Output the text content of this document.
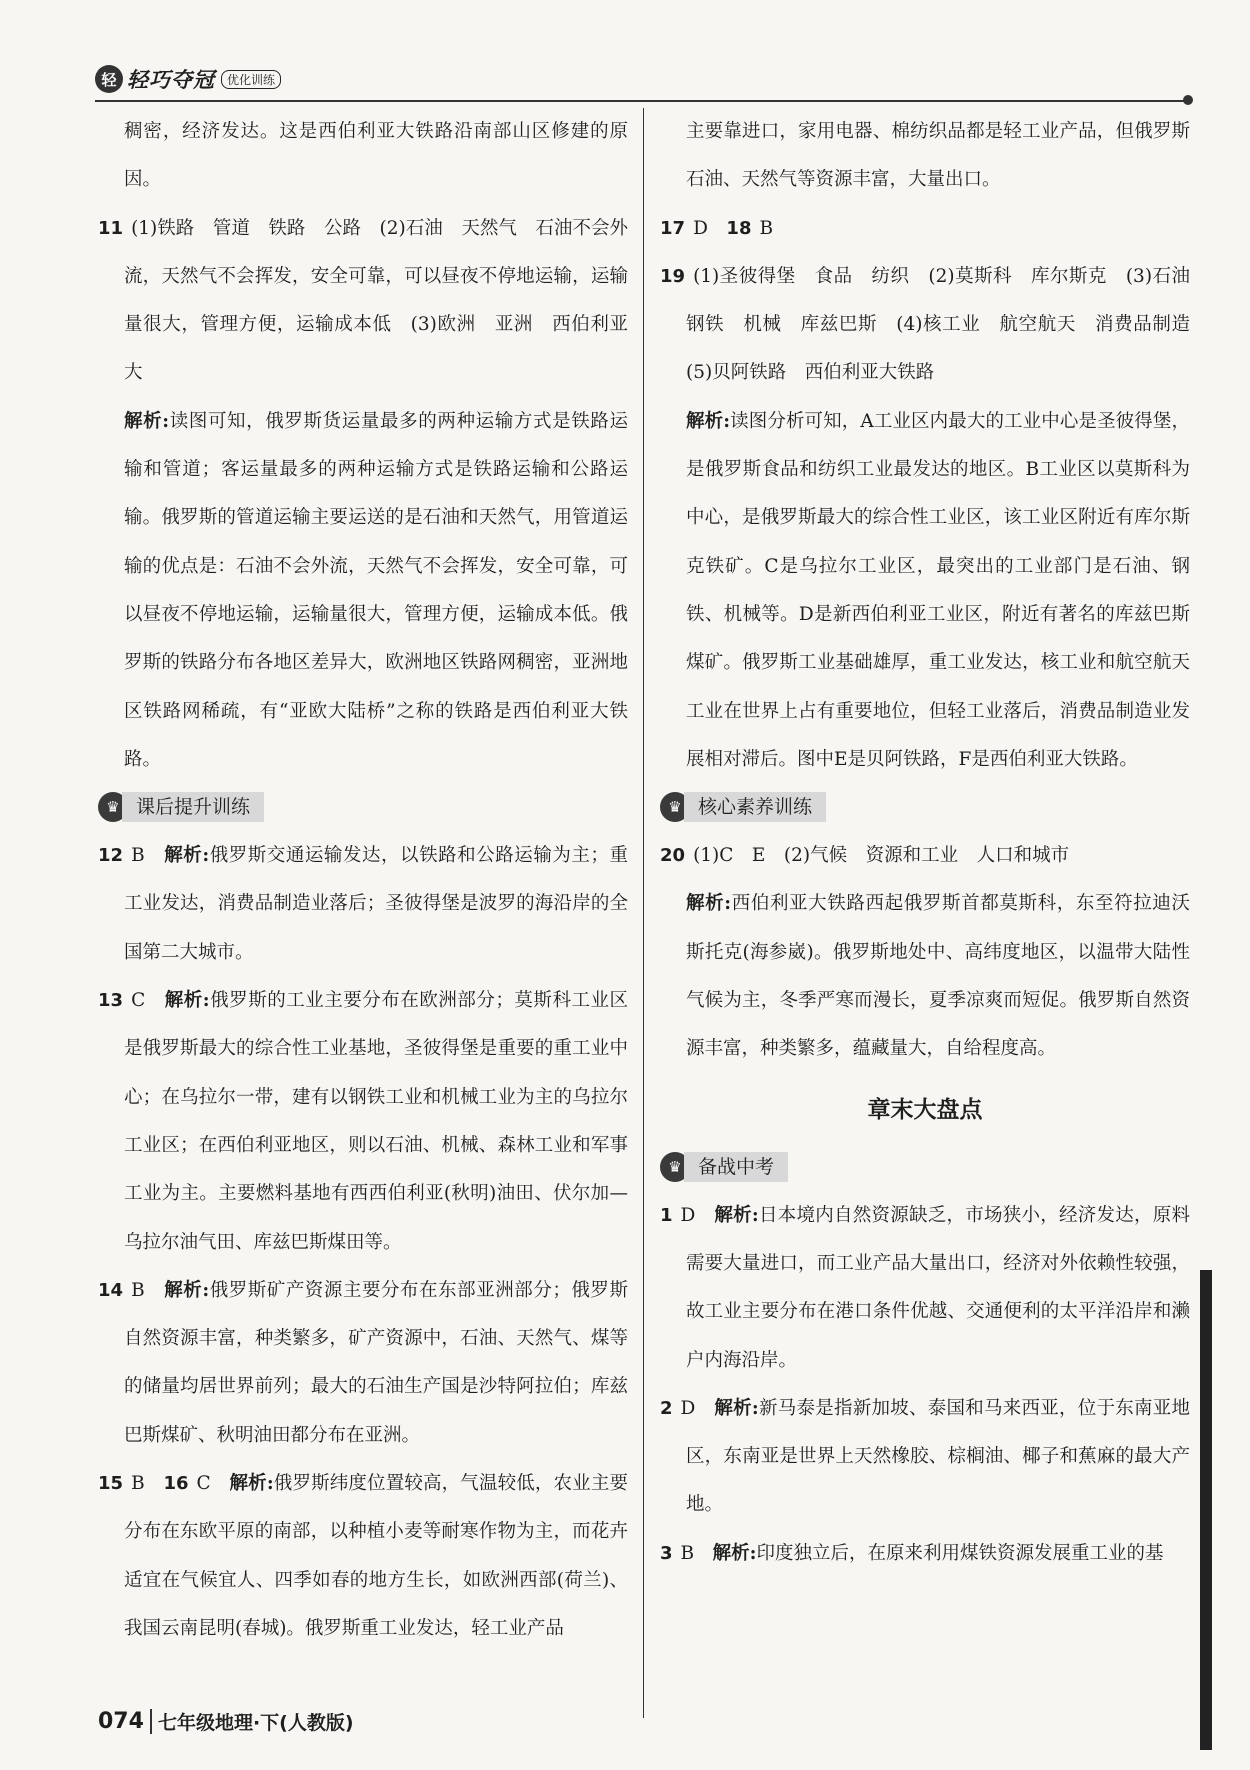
轻 轻巧夺冠	优化训练

稠密，经济发达。这是西伯利亚大铁路沿南部山区修建的原因。

11 (1)铁路　管道　铁路　公路　(2)石油　天然气　石油不会外流，天然气不会挥发，安全可靠，可以昼夜不停地运输，运输量很大，管理方便，运输成本低　(3)欧洲　亚洲　西伯利亚大

解析:读图可知，俄罗斯货运量最多的两种运输方式是铁路运输和管道；客运量最多的两种运输方式是铁路运输和公路运输。俄罗斯的管道运输主要运送的是石油和天然气，用管道运输的优点是：石油不会外流，天然气不会挥发，安全可靠，可以昼夜不停地运输，运输量很大，管理方便，运输成本低。俄罗斯的铁路分布各地区差异大，欧洲地区铁路网稠密，亚洲地区铁路网稀疏，有“亚欧大陆桥”之称的铁路是西伯利亚大铁路。

♛ 课后提升训练

12 B　 解析:俄罗斯交通运输发达，以铁路和公路运输为主；重工业发达，消费品制造业落后；圣彼得堡是波罗的海沿岸的全国第二大城市。

13 C　 解析:俄罗斯的工业主要分布在欧洲部分；莫斯科工业区是俄罗斯最大的综合性工业基地，圣彼得堡是重要的重工业中心；在乌拉尔一带，建有以钢铁工业和机械工业为主的乌拉尔工业区；在西伯利亚地区，则以石油、机械、森林工业和军事工业为主。主要燃料基地有西西伯利亚(秋明)油田、伏尔加—乌拉尔油气田、库兹巴斯煤田等。

14 B　 解析:俄罗斯矿产资源主要分布在东部亚洲部分；俄罗斯自然资源丰富，种类繁多，矿产资源中，石油、天然气、煤等的储量均居世界前列；最大的石油生产国是沙特阿拉伯；库兹巴斯煤矿、秋明油田都分布在亚洲。

15 B　 16 C　 解析:俄罗斯纬度位置较高，气温较低，农业主要分布在东欧平原的南部，以种植小麦等耐寒作物为主，而花卉适宜在气候宜人、四季如春的地方生长，如欧洲西部(荷兰)、我国云南昆明(春城)。俄罗斯重工业发达，轻工业产品

主要靠进口，家用电器、棉纺织品都是轻工业产品，但俄罗斯石油、天然气等资源丰富，大量出口。

17 D　 18 B

19 (1)圣彼得堡　食品　纺织　(2)莫斯科　库尔斯克　(3)石油　钢铁　机械　库兹巴斯　(4)核工业　航空航天　消费品制造　(5)贝阿铁路　西伯利亚大铁路

解析:读图分析可知，A工业区内最大的工业中心是圣彼得堡，是俄罗斯食品和纺织工业最发达的地区。B工业区以莫斯科为中心，是俄罗斯最大的综合性工业区，该工业区附近有库尔斯克铁矿。C是乌拉尔工业区，最突出的工业部门是石油、钢铁、机械等。D是新西伯利亚工业区，附近有著名的库兹巴斯煤矿。俄罗斯工业基础雄厚，重工业发达，核工业和航空航天工业在世界上占有重要地位，但轻工业落后，消费品制造业发展相对滞后。图中E是贝阿铁路，F是西伯利亚大铁路。

♛ 核心素养训练

20 (1)C　E　(2)气候　资源和工业　人口和城市

解析:西伯利亚大铁路西起俄罗斯首都莫斯科，东至符拉迪沃斯托克(海参崴)。俄罗斯地处中、高纬度地区，以温带大陆性气候为主，冬季严寒而漫长，夏季凉爽而短促。俄罗斯自然资源丰富，种类繁多，蕴藏量大，自给程度高。

章末大盘点
♛ 备战中考

1 D　 解析:日本境内自然资源缺乏，市场狭小，经济发达，原料需要大量进口，而工业产品大量出口，经济对外依赖性较强，故工业主要分布在港口条件优越、交通便利的太平洋沿岸和濑户内海沿岸。

2 D　 解析:新马泰是指新加坡、泰国和马来西亚，位于东南亚地区，东南亚是世界上天然橡胶、棕榈油、椰子和蕉麻的最大产地。

3 B　 解析:印度独立后，在原来利用煤铁资源发展重工业的基

074 七年级地理·下(人教版)
